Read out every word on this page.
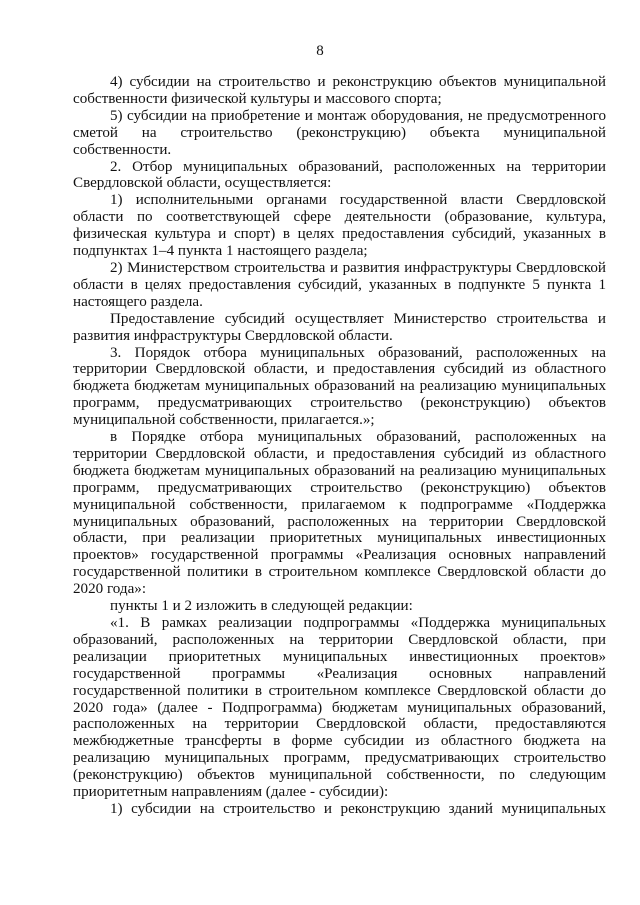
8
4) субсидии на строительство и реконструкцию объектов муниципальной
собственности физической культуры и массового спорта;
5) субсидии на приобретение и монтаж оборудования, не предусмотренного
сметой на строительство (реконструкцию) объекта муниципальной
собственности.
2. Отбор муниципальных образований, расположенных на территории
Свердловской области, осуществляется:
1) исполнительными органами государственной власти Свердловской
области по соответствующей сфере деятельности (образование, культура,
физическая культура и спорт) в целях предоставления субсидий, указанных в
подпунктах 1–4 пункта 1 настоящего раздела;
2) Министерством строительства и развития инфраструктуры Свердловской
области в целях предоставления субсидий, указанных в подпункте 5 пункта 1
настоящего раздела.
Предоставление субсидий осуществляет Министерство строительства и
развития инфраструктуры Свердловской области.
3. Порядок отбора муниципальных образований, расположенных на
территории Свердловской области, и предоставления субсидий из областного
бюджета бюджетам муниципальных образований на реализацию муниципальных
программ, предусматривающих строительство (реконструкцию) объектов
муниципальной собственности, прилагается.»;
в Порядке отбора муниципальных образований, расположенных на
территории Свердловской области, и предоставления субсидий из областного
бюджета бюджетам муниципальных образований на реализацию муниципальных
программ, предусматривающих строительство (реконструкцию) объектов
муниципальной собственности, прилагаемом к подпрограмме «Поддержка
муниципальных образований, расположенных на территории Свердловской
области, при реализации приоритетных муниципальных инвестиционных
проектов» государственной программы «Реализация основных направлений
государственной политики в строительном комплексе Свердловской области до
2020 года»:
пункты 1 и 2 изложить в следующей редакции:
«1. В рамках реализации подпрограммы «Поддержка муниципальных
образований, расположенных на территории Свердловской области, при
реализации приоритетных муниципальных инвестиционных проектов»
государственной программы «Реализация основных направлений
государственной политики в строительном комплексе Свердловской области до
2020 года» (далее - Подпрограмма) бюджетам муниципальных образований,
расположенных на территории Свердловской области, предоставляются
межбюджетные трансферты в форме субсидии из областного бюджета на
реализацию муниципальных программ, предусматривающих строительство
(реконструкцию) объектов муниципальной собственности, по следующим
приоритетным направлениям (далее - субсидии):
1) субсидии на строительство и реконструкцию зданий муниципальных
